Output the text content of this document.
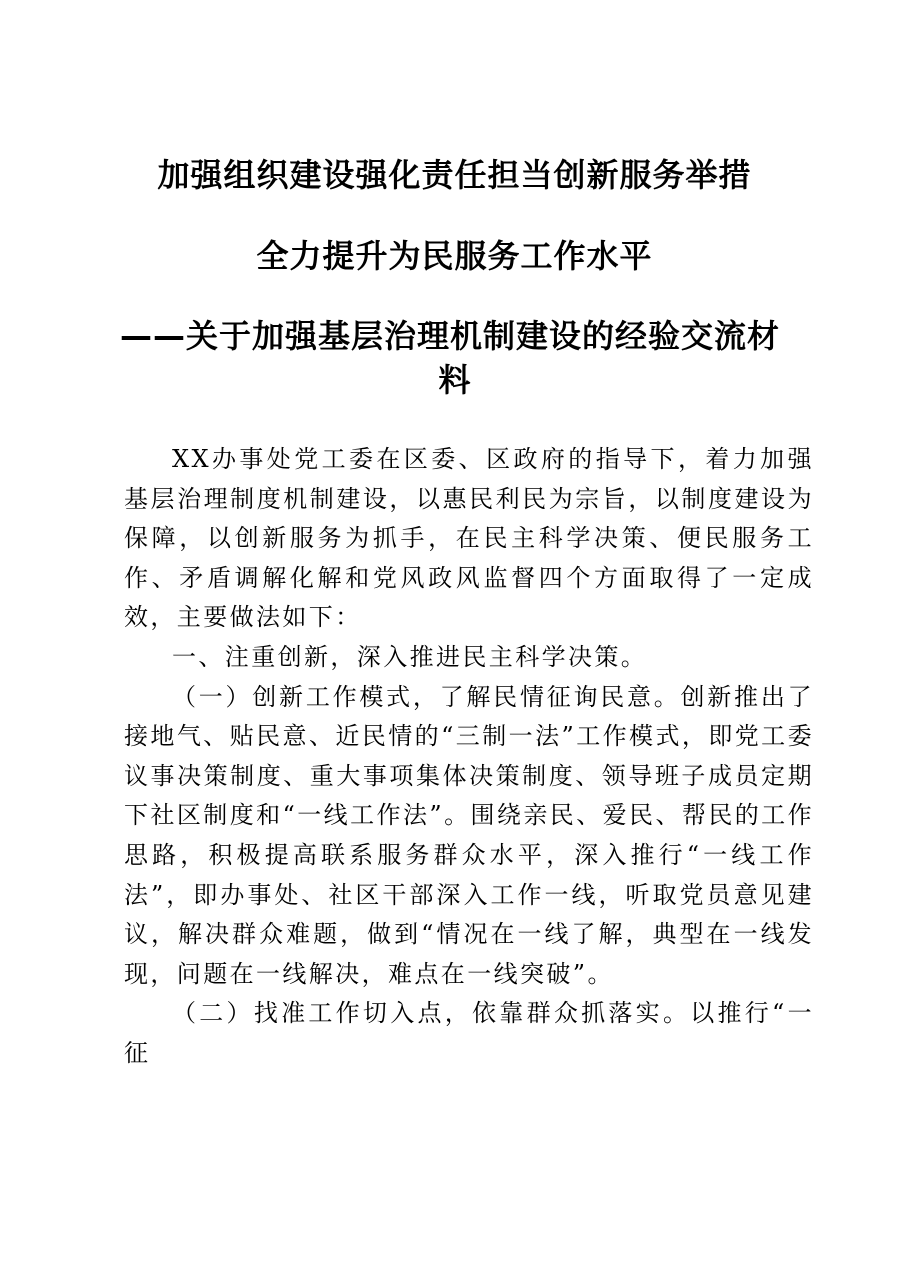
加强组织建设强化责任担当创新服务举措
全力提升为民服务工作水平
——关于加强基层治理机制建设的经验交流材
料

XX办事处党工委在区委、区政府的指导下，着力加强基层治理制度机制建设，以惠民利民为宗旨，以制度建设为保障，以创新服务为抓手，在民主科学决策、便民服务工作、矛盾调解化解和党风政风监督四个方面取得了一定成效，主要做法如下：

一、注重创新，深入推进民主科学决策。

（一）创新工作模式，了解民情征询民意。创新推出了接地气、贴民意、近民情的“三制一法”工作模式，即党工委议事决策制度、重大事项集体决策制度、领导班子成员定期下社区制度和“一线工作法”。围绕亲民、爱民、帮民的工作思路，积极提高联系服务群众水平，深入推行“一线工作法”，即办事处、社区干部深入工作一线，听取党员意见建议，解决群众难题，做到“情况在一线了解，典型在一线发现，问题在一线解决，难点在一线突破”。

（二）找准工作切入点，依靠群众抓落实。以推行“一征
